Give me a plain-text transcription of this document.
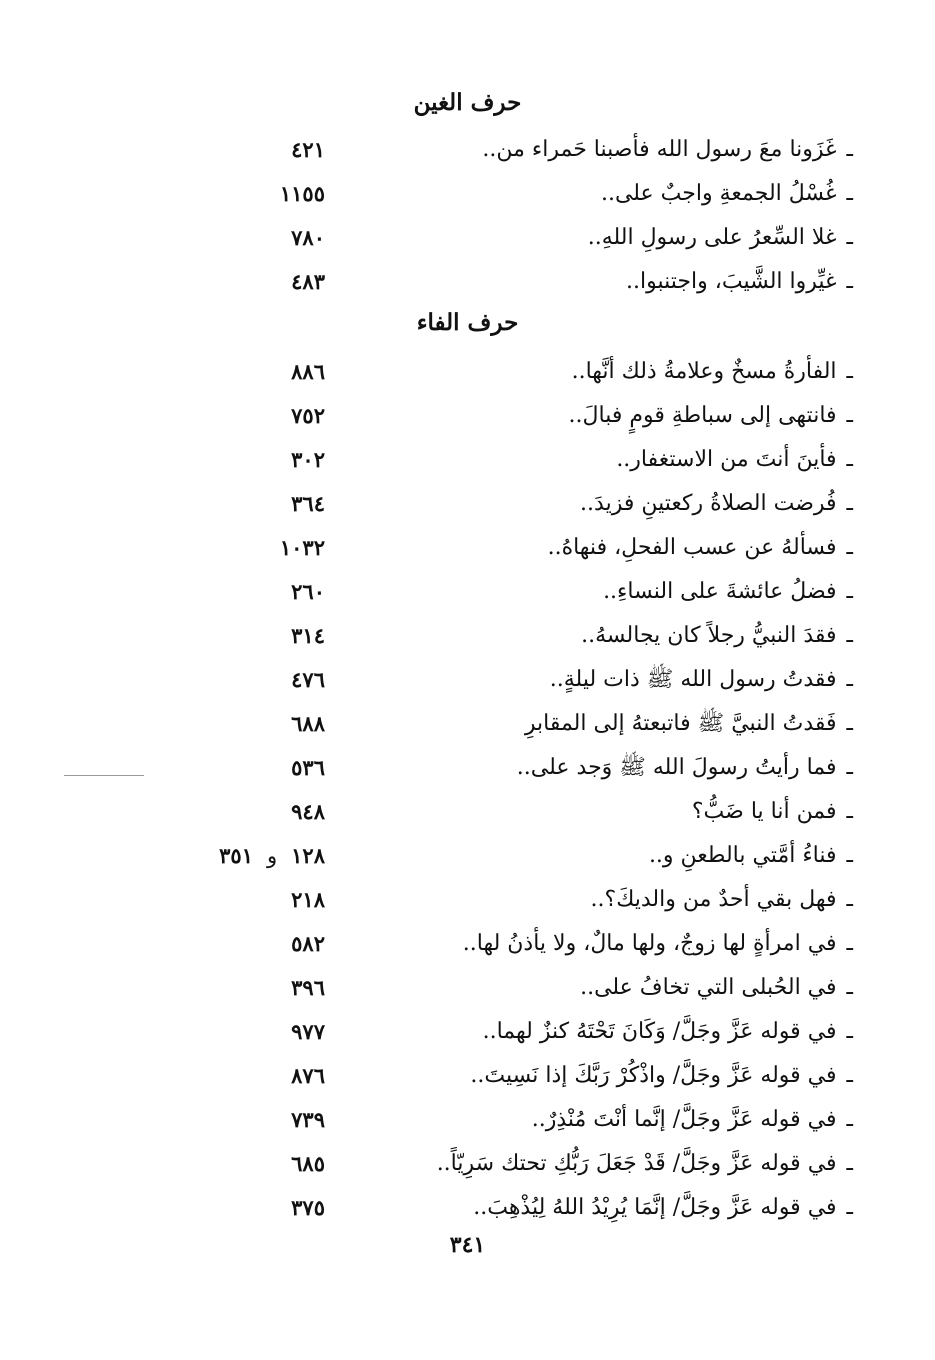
حرف الغين
حرف الفاء
ـغَزَونا معَ رسول الله فأصبنا حَمراء من..
٤٢١
ـغُسْلُ الجمعةِ واجبٌ على..
١١٥٥
ـغلا السِّعرُ على رسولِ اللهِ..
٧٨٠
ـغيِّروا الشَّيبَ، واجتنبوا..
٤٨٣
ـالفأرةُ مسخٌ وعلامةُ ذلك أنَّها..
٨٨٦
ـفانتهى إلى سباطةِ قومٍ فبالَ..
٧٥٢
ـفأينَ أنتَ من الاستغفار..
٣٠٢
ـفُرضت الصلاةُ ركعتينِ فزيدَ..
٣٦٤
ـفسألهُ عن عسب الفحلِ، فنهاهُ..
١٠٣٢
ـفضلُ عائشةَ على النساءِ..
٢٦٠
ـفقدَ النبيُّ رجلاً كان يجالسهُ..
٣١٤
ـفقدتُ رسول الله ﷺ ذات ليلةٍ..
٤٧٦
ـفَقدتُ النبيَّ ﷺ فاتبعتهُ إلى المقابرِ
٦٨٨
ـفما رأيتُ رسولَ الله ﷺ وَجد على..
٥٣٦
ـفمن أنا يا ضَبُّ؟
٩٤٨
ـفناءُ أمَّتي بالطعنِ و..
١٢٨و٣٥١
ـفهل بقي أحدٌ من والديكَ؟..
٢١٨
ـفي امرأةٍ لها زوجٌ، ولها مالٌ، ولا يأذنُ لها..
٥٨٢
ـفي الحُبلى التي تخافُ على..
٣٩٦
ـفي قوله عَزَّ وجَلَّ/ وَكَانَ تَحْتَهُ كنزٌ لهما..
٩٧٧
ـفي قوله عَزَّ وجَلَّ/ واذْكُرْ رَبَّكَ إذا نَسِيتَ..
٨٧٦
ـفي قوله عَزَّ وجَلَّ/ إنَّما أنْتَ مُنْذِرٌ..
٧٣٩
ـفي قوله عَزَّ وجَلَّ/ قَدْ جَعَلَ رَبُّكِ تحتك سَرِيّاً..
٦٨٥
ـفي قوله عَزَّ وجَلَّ/ إنَّمَا يُرِيْدُ اللهُ لِيُذْهِبَ..
٣٧٥
٣٤١
